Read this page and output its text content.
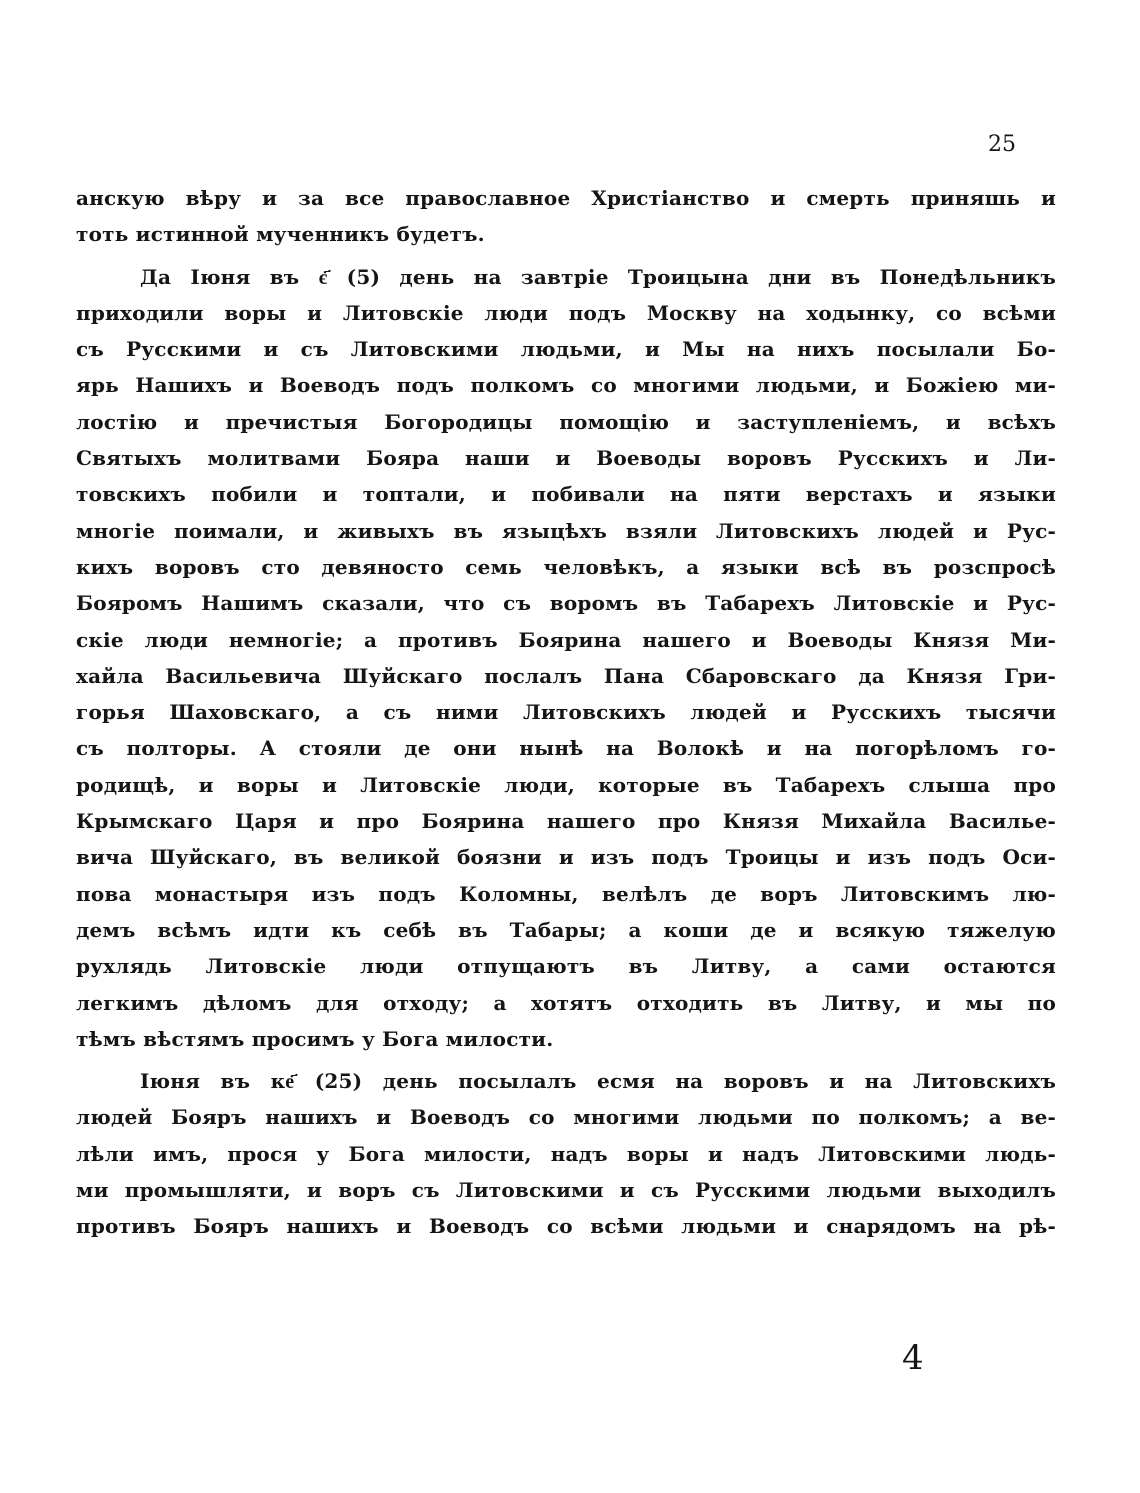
25
анскую вѣру и за все православное Христіанство и смерть приняшь и
тоть истинной мученникъ будетъ.
Да Іюня въ є҃ (5) день на завтріе Троицына дни въ Понедѣльникъ
приходили воры и Литовскіе люди подъ Москву на ходынку, со всѣми
съ Русскими и съ Литовскими людьми, и Мы на нихъ посылали Бо-
ярь Нашихъ и Воеводъ подъ полкомъ со многими людьми, и Божіею ми-
лостію и пречистыя Богородицы помощію и заступленіемъ, и всѣхъ
Святыхъ молитвами Бояра наши и Воеводы воровъ Русскихъ и Ли-
товскихъ побили и топтали, и побивали на пяти верстахъ и языки
многіе поимали, и живыхъ въ языцѣхъ взяли Литовскихъ людей и Рус-
кихъ воровъ сто девяносто семь человѣкъ, а языки всѣ въ розспросѣ
Бояромъ Нашимъ сказали, что съ воромъ въ Табарехъ Литовскіе и Рус-
скіе люди немногіе; а противъ Боярина нашего и Воеводы Князя Ми-
хайла Васильевича Шуйскаго послалъ Пана Сбаровскаго да Князя Гри-
горья Шаховскаго, а съ ними Литовскихъ людей и Русскихъ тысячи
съ полторы. А стояли де они нынѣ на Волокѣ и на погорѣломъ го-
родищѣ, и воры и Литовскіе люди, которые въ Табарехъ слыша про
Крымскаго Царя и про Боярина нашего про Князя Михайла Василье-
вича Шуйскаго, въ великой боязни и изъ подъ Троицы и изъ подъ Оси-
пова монастыря изъ подъ Коломны, велѣлъ де воръ Литовскимъ лю-
демъ всѣмъ идти къ себѣ въ Табары; а коши де и всякую тяжелую
рухлядь Литовскіе люди отпущаютъ въ Литву, а сами остаются
легкимъ дѣломъ для отходу; а хотятъ отходить въ Литву, и мы по
тѣмъ вѣстямъ просимъ у Бога милости.
Іюня въ ке҃ (25) день посылалъ есмя на воровъ и на Литовскихъ
людей Бояръ нашихъ и Воеводъ со многими людьми по полкомъ; а ве-
лѣли имъ, прося у Бога милости, надъ воры и надъ Литовскими людь-
ми промышляти, и воръ съ Литовскими и съ Русскими людьми выходилъ
противъ Бояръ нашихъ и Воеводъ со всѣми людьми и снарядомъ на рѣ-
4
